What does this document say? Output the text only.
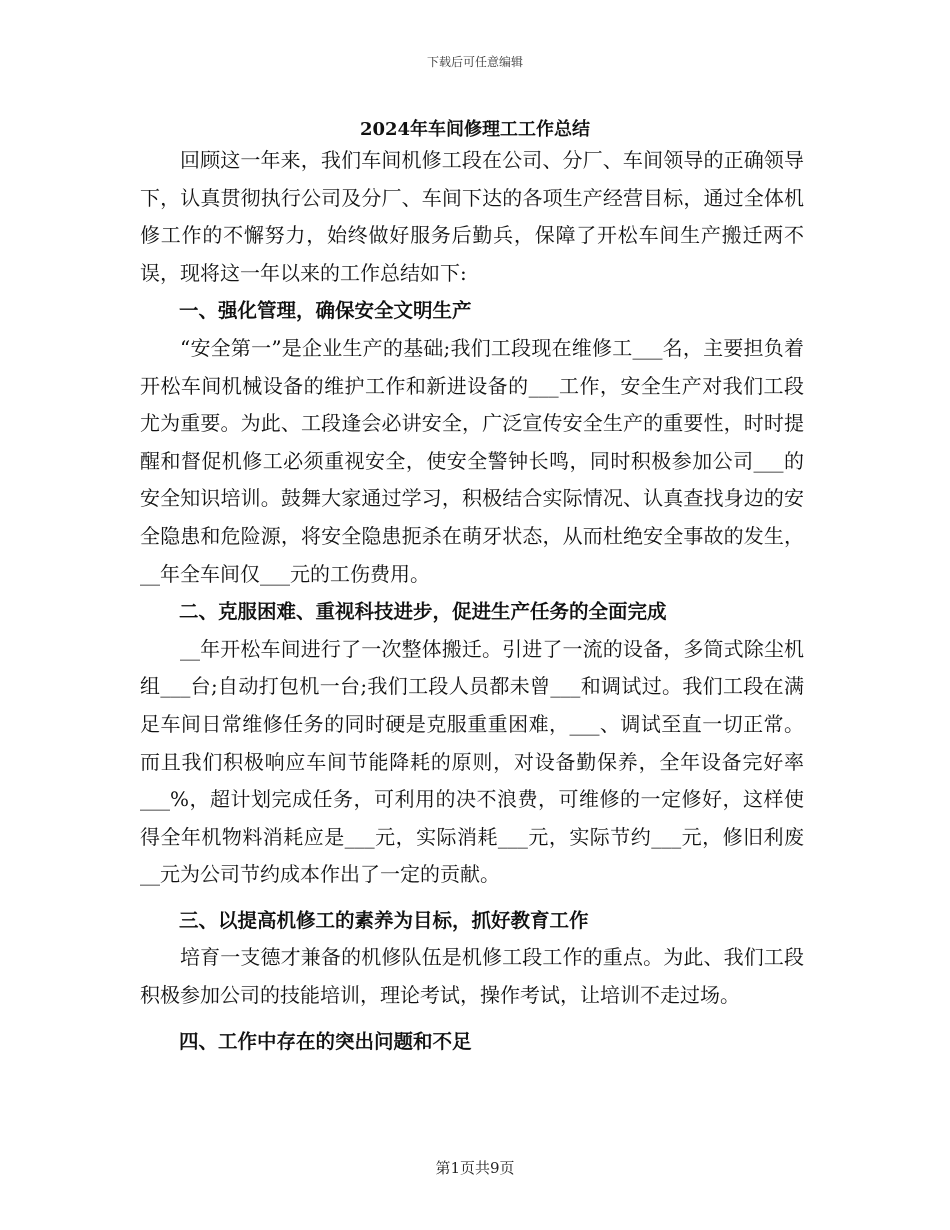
下载后可任意编辑
2024年车间修理工工作总结

回顾这一年来，我们车间机修工段在公司、分厂、车间领导的正确领导下，认真贯彻执行公司及分厂、车间下达的各项生产经营目标，通过全体机修工作的不懈努力，始终做好服务后勤兵，保障了开松车间生产搬迁两不误，现将这一年以来的工作总结如下:

一、强化管理，确保安全文明生产

“安全第一”是企业生产的基础;我们工段现在维修工___名，主要担负着开松车间机械设备的维护工作和新进设备的___工作，安全生产对我们工段尤为重要。为此、工段逢会必讲安全，广泛宣传安全生产的重要性，时时提醒和督促机修工必须重视安全，使安全警钟长鸣，同时积极参加公司___的安全知识培训。鼓舞大家通过学习，积极结合实际情况、认真查找身边的安全隐患和危险源，将安全隐患扼杀在萌牙状态，从而杜绝安全事故的发生，__年全车间仅___元的工伤费用。

二、克服困难、重视科技进步，促进生产任务的全面完成

__年开松车间进行了一次整体搬迁。引进了一流的设备，多筒式除尘机组___台;自动打包机一台;我们工段人员都未曾___和调试过。我们工段在满足车间日常维修任务的同时硬是克服重重困难，___、调试至直一切正常。而且我们积极响应车间节能降耗的原则，对设备勤保养，全年设备完好率___%，超计划完成任务，可利用的决不浪费，可维修的一定修好，这样使得全年机物料消耗应是___元，实际消耗___元，实际节约___元，修旧利废__元为公司节约成本作出了一定的贡献。

三、以提高机修工的素养为目标，抓好教育工作

培育一支德才兼备的机修队伍是机修工段工作的重点。为此、我们工段积极参加公司的技能培训，理论考试，操作考试，让培训不走过场。

四、工作中存在的突出问题和不足

第1页共9页
